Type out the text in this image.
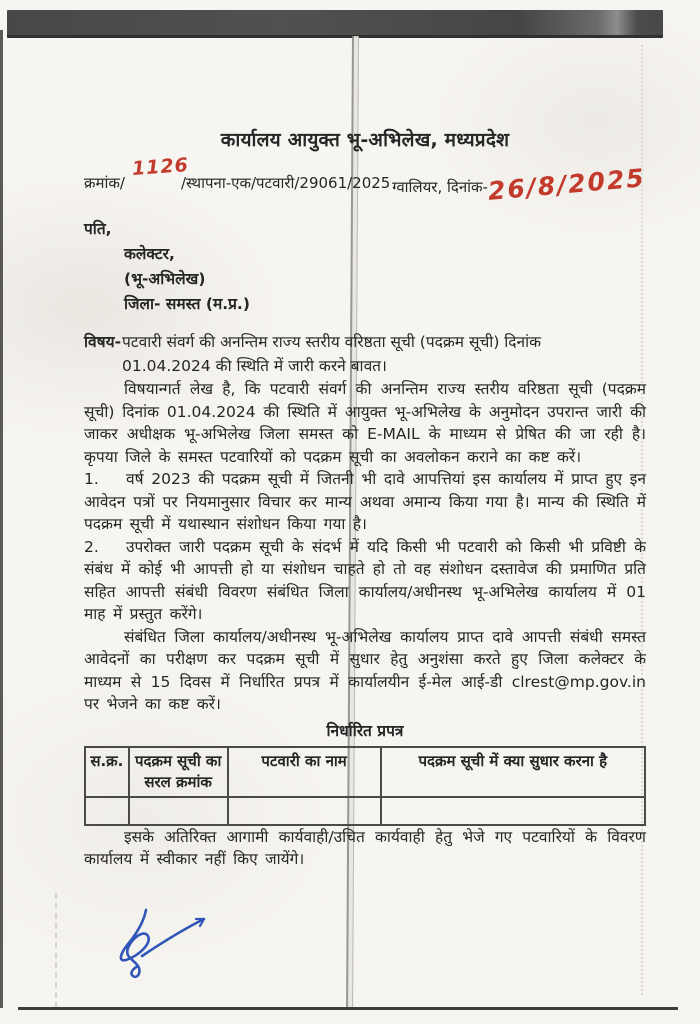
कार्यालय आयुक्त भू-अभिलेख, मध्यप्रदेश
क्रमांक/	/स्थापना-एक/पटवारी/29061/2025
1126
ग्वालियर, दिनांक-26/8/2025
पति,
कलेक्टर,
(भू-अभिलेख)
जिला- समस्त (म.प्र.)
विषय- पटवारी संवर्ग की अनन्तिम राज्य स्तरीय वरिष्ठता सूची (पदक्रम सूची) दिनांक
01.04.2024 की स्थिति में जारी करने बावत।

विषयान्गर्त लेख है, कि पटवारी संवर्ग की अनन्तिम राज्य स्तरीय वरिष्ठता सूची (पदक्रम सूची) दिनांक 01.04.2024 की स्थिति में आयुक्त भू-अभिलेख के अनुमोदन उपरान्त जारी की जाकर अधीक्षक भू-अभिलेख जिला समस्त को E-MAIL के माध्यम से प्रेषित की जा रही है। कृपया जिले के समस्त पटवारियों को पदक्रम सूची का अवलोकन कराने का कष्ट करें।

1. वर्ष 2023 की पदक्रम सूची में जितनी भी दावे आपत्तियां इस कार्यालय में प्राप्त हुए इन आवेदन पत्रों पर नियमानुसार विचार कर मान्य अथवा अमान्य किया गया है। मान्य की स्थिति में पदक्रम सूची में यथास्थान संशोधन किया गया है।

2. उपरोक्त जारी पदक्रम सूची के संदर्भ में यदि किसी भी पटवारी को किसी भी प्रविष्टी के संबंध में कोई भी आपत्ती हो या संशोधन चाहते हो तो वह संशोधन दस्तावेज की प्रमाणित प्रति सहित आपत्ती संबंधी विवरण संबंधित जिला कार्यालय/अधीनस्थ भू-अभिलेख कार्यालय में 01 माह में प्रस्तुत करेंगे।

संबंधित जिला कार्यालय/अधीनस्थ भू-अभिलेख कार्यालय प्राप्त दावे आपत्ती संबंधी समस्त आवेदनों का परीक्षण कर पदक्रम सूची में सुधार हेतु अनुशंसा करते हुए जिला कलेक्टर के माध्यम से 15 दिवस में निर्धारित प्रपत्र में कार्यालयीन ई-मेल आई-डी clrest@mp.gov.in पर भेजने का कष्ट करें।

निर्धारित प्रपत्र
स.क्र.	पदक्रम सूची का सरल क्रमांक	पटवारी का नाम	पदक्रम सूची में क्या सुधार करना है

इसके अतिरिक्त आगामी कार्यवाही/उचित कार्यवाही हेतु भेजे गए पटवारियों के विवरण कार्यालय में स्वीकार नहीं किए जायेंगे।
